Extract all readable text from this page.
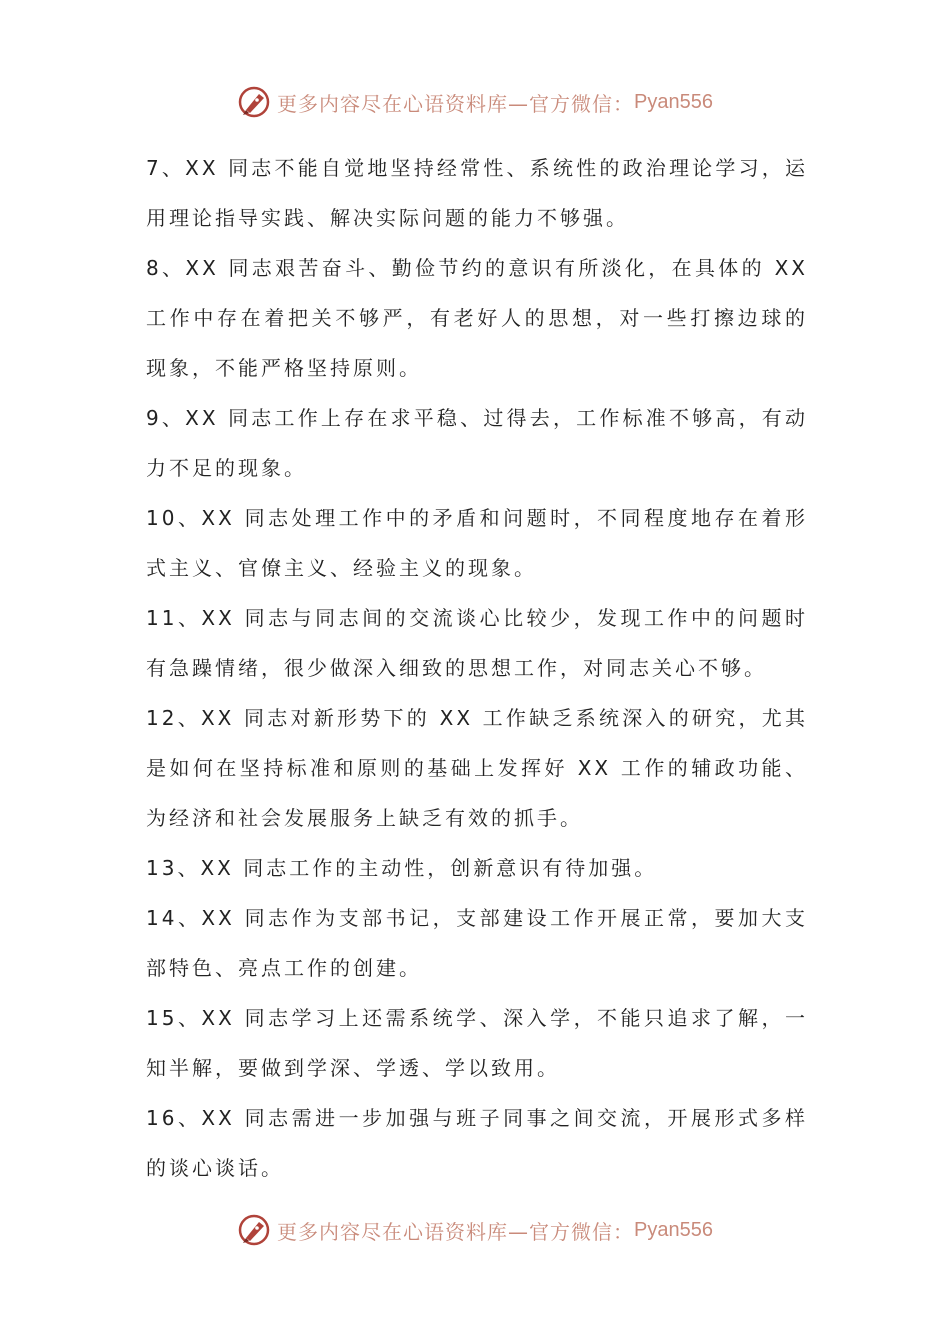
更多内容尽在心语资料库—官方微信： Pyan556

7、XX 同志不能自觉地坚持经常性、系统性的政治理论学习，运用理论指导实践、解决实际问题的能力不够强。

8、XX 同志艰苦奋斗、勤俭节约的意识有所淡化，在具体的 XX 工作中存在着把关不够严，有老好人的思想，对一些打擦边球的现象，不能严格坚持原则。

9、XX 同志工作上存在求平稳、过得去，工作标准不够高，有动力不足的现象。

10、XX 同志处理工作中的矛盾和问题时，不同程度地存在着形式主义、官僚主义、经验主义的现象。

11、XX 同志与同志间的交流谈心比较少，发现工作中的问题时有急躁情绪，很少做深入细致的思想工作，对同志关心不够。

12、XX 同志对新形势下的 XX 工作缺乏系统深入的研究，尤其是如何在坚持标准和原则的基础上发挥好 XX 工作的辅政功能、为经济和社会发展服务上缺乏有效的抓手。

13、XX 同志工作的主动性，创新意识有待加强。

14、XX 同志作为支部书记，支部建设工作开展正常，要加大支部特色、亮点工作的创建。

15、XX 同志学习上还需系统学、深入学，不能只追求了解，一知半解，要做到学深、学透、学以致用。

16、XX 同志需进一步加强与班子同事之间交流，开展形式多样的谈心谈话。

更多内容尽在心语资料库—官方微信： Pyan556
